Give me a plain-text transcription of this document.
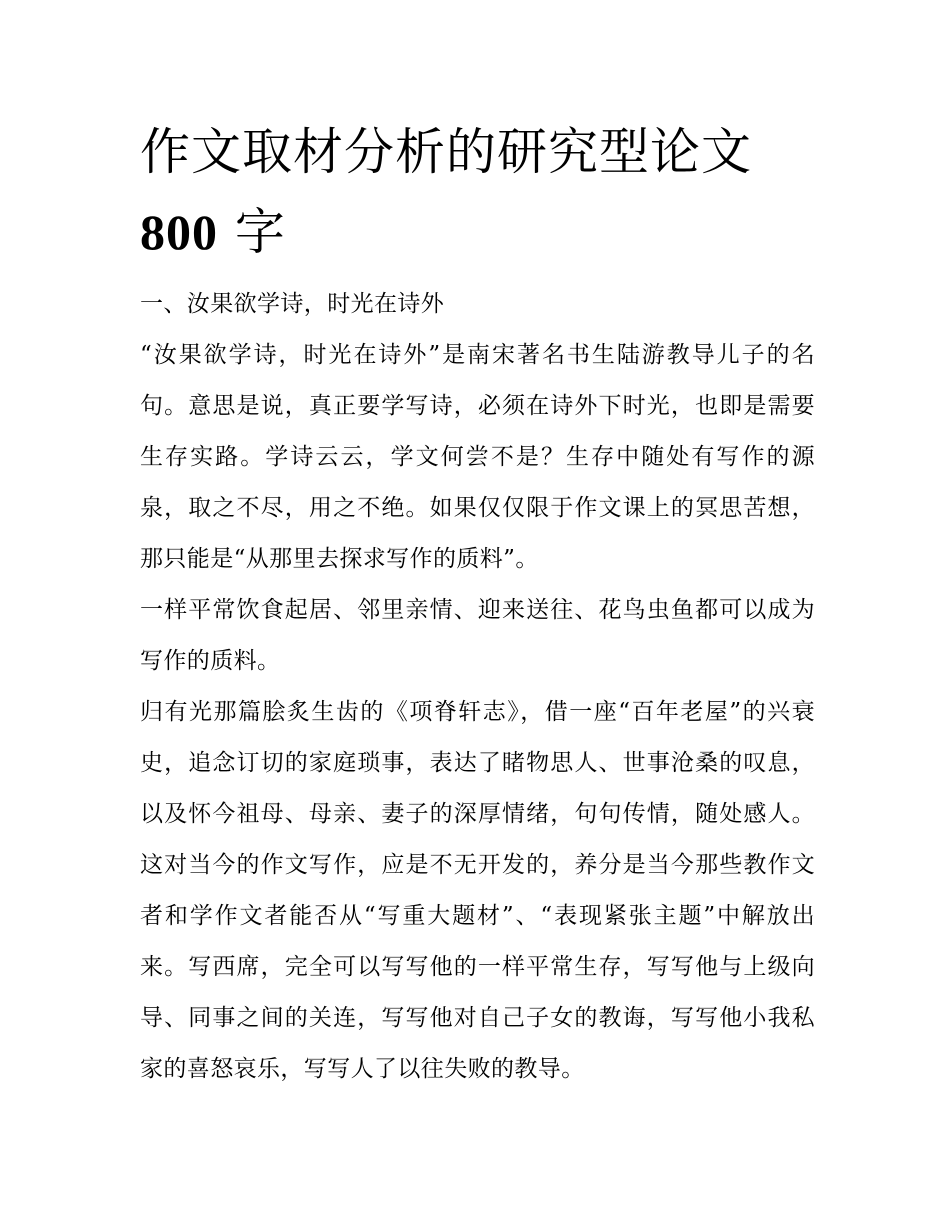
作文取材分析的研究型论文
800 字

一、汝果欲学诗，时光在诗外

“汝果欲学诗，时光在诗外”是南宋著名书生陆游教导儿子的名句。意思是说，真正要学写诗，必须在诗外下时光，也即是需要生存实路。学诗云云，学文何尝不是？生存中随处有写作的源泉，取之不尽，用之不绝。如果仅仅限于作文课上的冥思苦想，那只能是“从那里去探求写作的质料”。

一样平常饮食起居、邻里亲情、迎来送往、花鸟虫鱼都可以成为写作的质料。

归有光那篇脍炙生齿的《项脊轩志》，借一座“百年老屋”的兴衰史，追念订切的家庭琐事，表达了睹物思人、世事沧桑的叹息，以及怀今祖母、母亲、妻子的深厚情绪，句句传情，随处感人。这对当今的作文写作，应是不无开发的，养分是当今那些教作文者和学作文者能否从“写重大题材”、“表现紧张主题”中解放出来。写西席，完全可以写写他的一样平常生存，写写他与上级向导、同事之间的关连，写写他对自己子女的教诲，写写他小我私家的喜怒哀乐，写写人了以往失败的教导。
